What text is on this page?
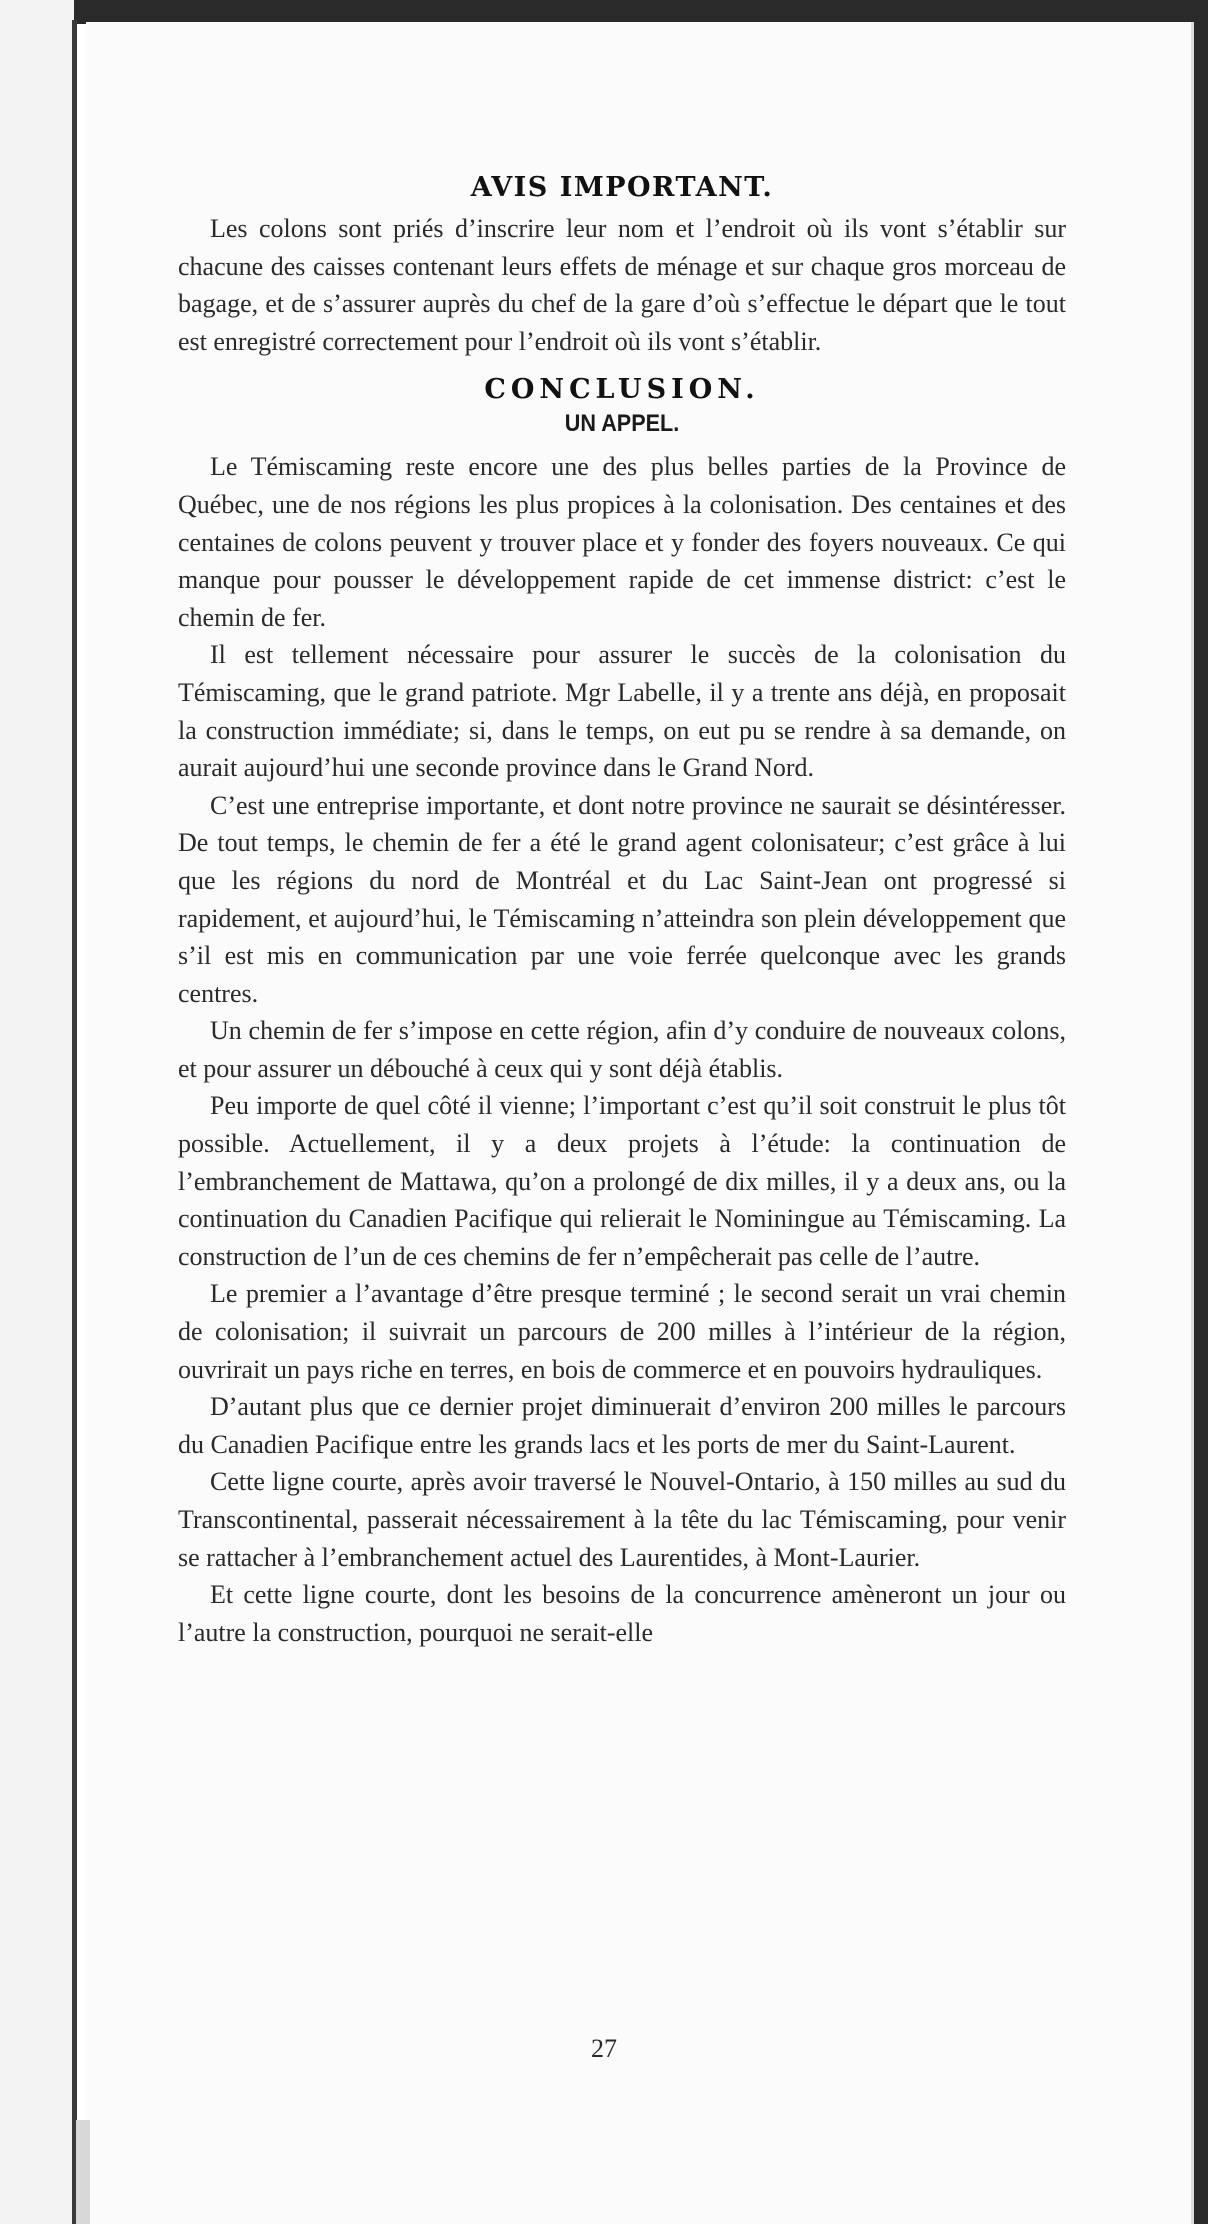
AVIS IMPORTANT.

Les colons sont priés d’inscrire leur nom et l’endroit où ils vont s’établir sur chacune des caisses contenant leurs effets de ménage et sur chaque gros morceau de bagage, et de s’assurer auprès du chef de la gare d’où s’effectue le départ que le tout est enregistré correctement pour l’endroit où ils vont s’établir.

CONCLUSION.
UN APPEL.

Le Témiscaming reste encore une des plus belles parties de la Province de Québec, une de nos régions les plus propices à la colonisation. Des centaines et des centaines de colons peuvent y trouver place et y fonder des foyers nouveaux. Ce qui manque pour pousser le développement rapide de cet immense district: c’est le chemin de fer.

Il est tellement nécessaire pour assurer le succès de la colonisation du Témiscaming, que le grand patriote. Mgr Labelle, il y a trente ans déjà, en proposait la construction immédiate; si, dans le temps, on eut pu se rendre à sa demande, on aurait aujourd’hui une seconde province dans le Grand Nord.

C’est une entreprise importante, et dont notre province ne saurait se désintéresser. De tout temps, le chemin de fer a été le grand agent colonisateur; c’est grâce à lui que les régions du nord de Montréal et du Lac Saint-Jean ont progressé si rapidement, et aujourd’hui, le Témiscaming n’atteindra son plein développement que s’il est mis en communication par une voie ferrée quelconque avec les grands centres.

Un chemin de fer s’impose en cette région, afin d’y conduire de nouveaux colons, et pour assurer un débouché à ceux qui y sont déjà établis.

Peu importe de quel côté il vienne; l’important c’est qu’il soit construit le plus tôt possible. Actuellement, il y a deux projets à l’étude: la continuation de l’embranchement de Mattawa, qu’on a prolongé de dix milles, il y a deux ans, ou la continuation du Canadien Pacifique qui relierait le Nominingue au Témiscaming. La construction de l’un de ces chemins de fer n’empêcherait pas celle de l’autre.

Le premier a l’avantage d’être presque terminé ; le second serait un vrai chemin de colonisation; il suivrait un parcours de 200 milles à l’intérieur de la région, ouvrirait un pays riche en terres, en bois de commerce et en pouvoirs hydrauliques.

D’autant plus que ce dernier projet diminuerait d’environ 200 milles le parcours du Canadien Pacifique entre les grands lacs et les ports de mer du Saint-Laurent.

Cette ligne courte, après avoir traversé le Nouvel-Ontario, à 150 milles au sud du Transcontinental, passerait nécessairement à la tête du lac Témiscaming, pour venir se rattacher à l’embranchement actuel des Laurentides, à Mont-Laurier.

Et cette ligne courte, dont les besoins de la concurrence amèneront un jour ou l’autre la construction, pourquoi ne serait-elle

27
